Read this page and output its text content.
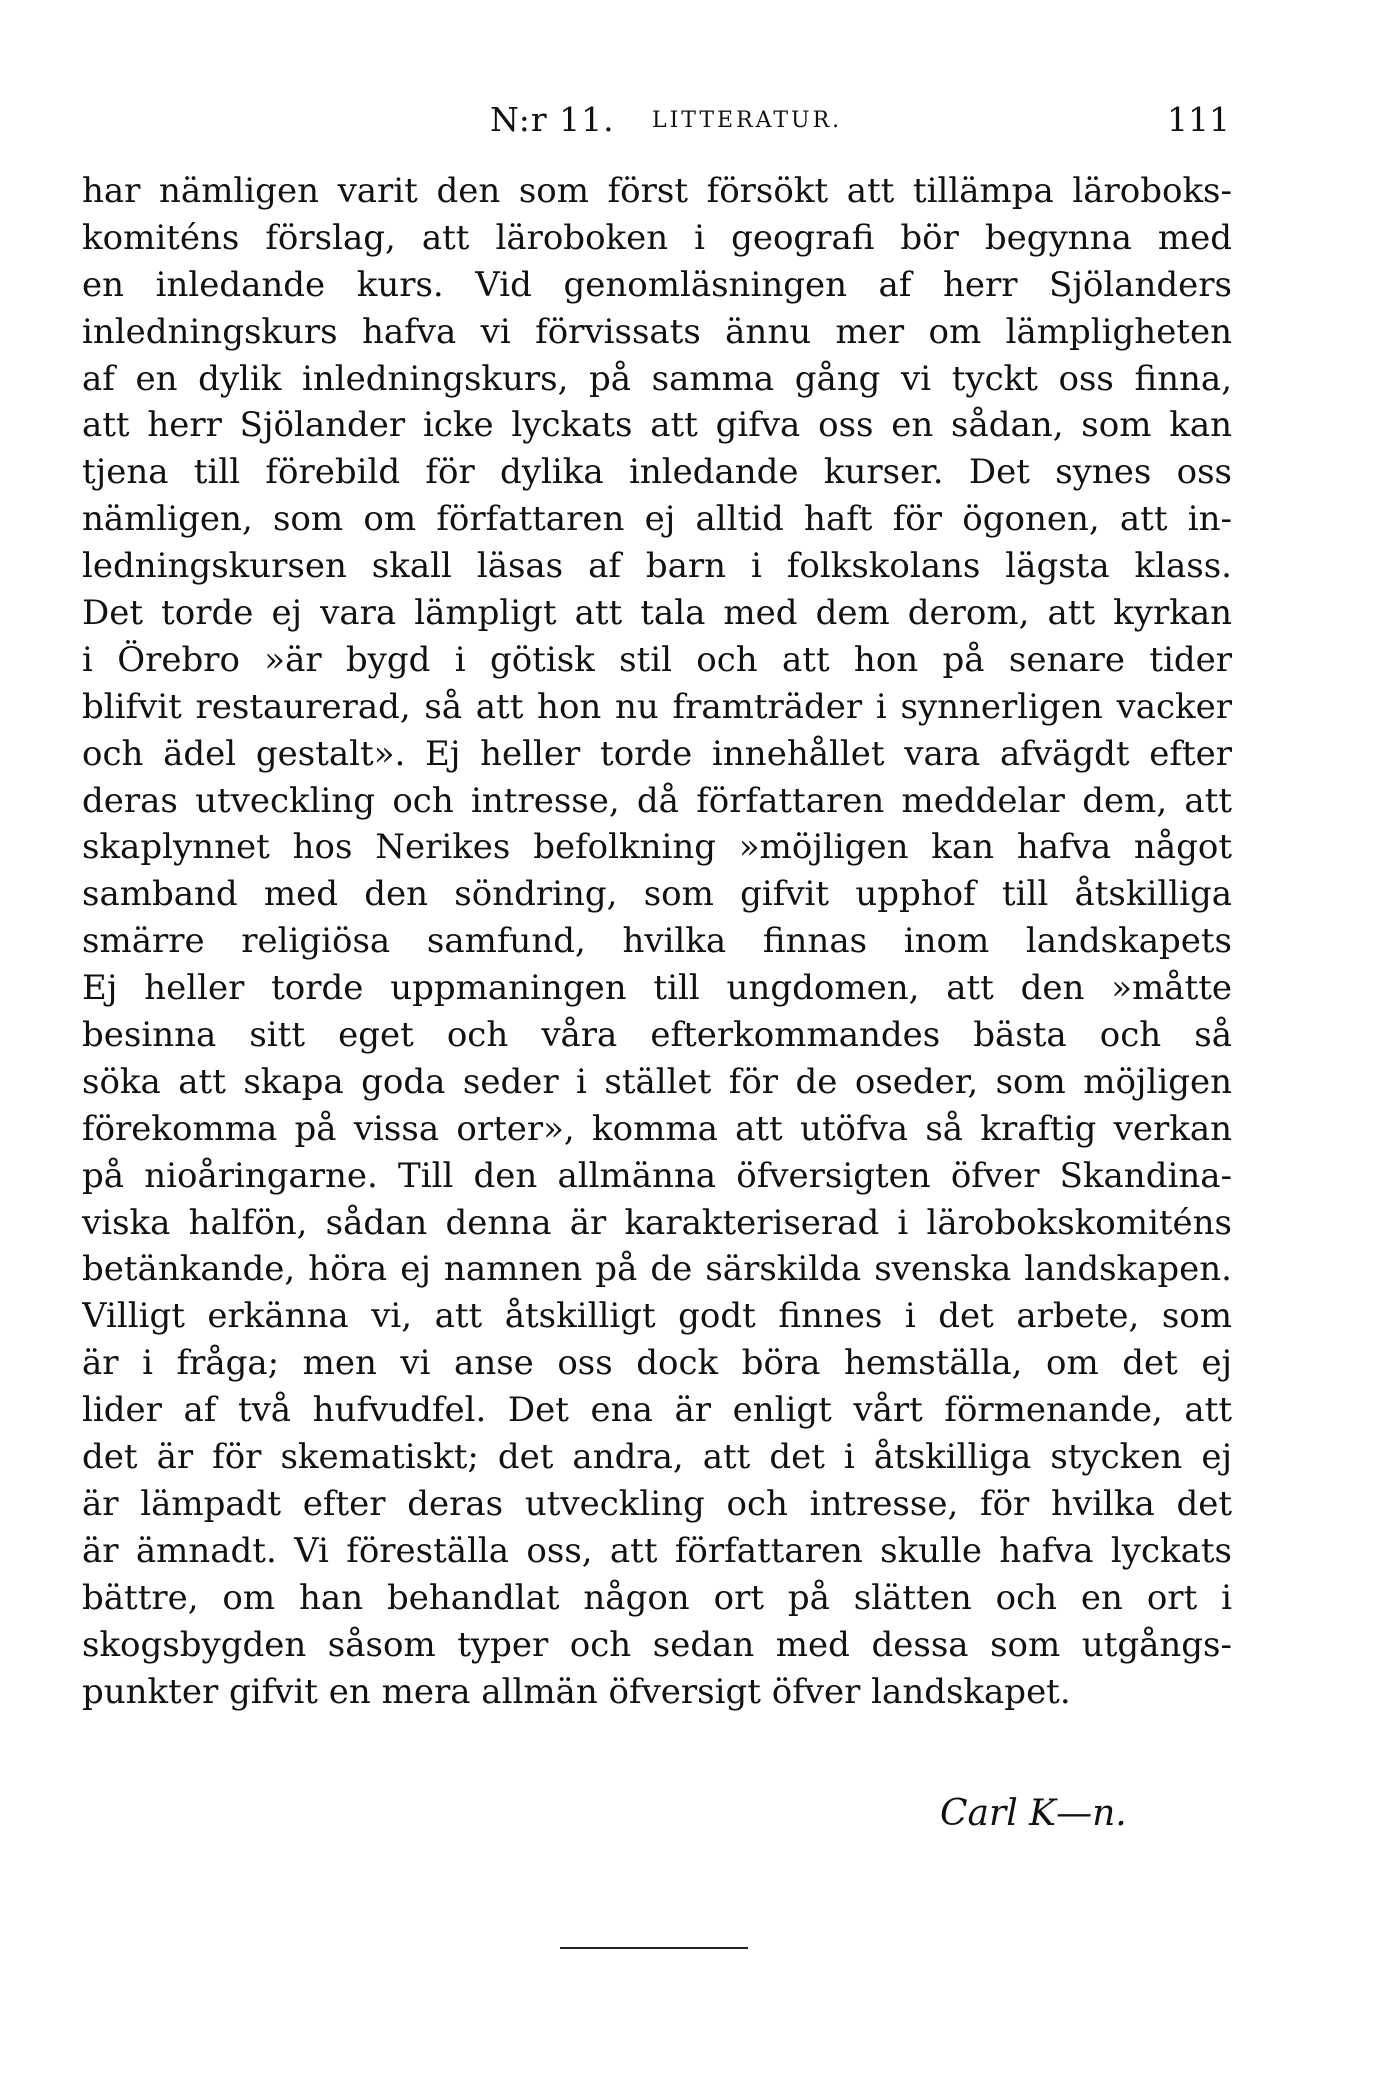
N:r 11. LITTERATUR.	111
har nämligen varit den som först försökt att tillämpa läroboks-
komiténs förslag, att läroboken i geografi bör begynna med
en inledande kurs. Vid genomläsningen af herr Sjölanders
inledningskurs hafva vi förvissats ännu mer om lämpligheten
af en dylik inledningskurs, på samma gång vi tyckt oss finna,
att herr Sjölander icke lyckats att gifva oss en sådan, som kan
tjena till förebild för dylika inledande kurser. Det synes oss
nämligen, som om författaren ej alltid haft för ögonen, att in-
ledningskursen skall läsas af barn i folkskolans lägsta klass.
Det torde ej vara lämpligt att tala med dem derom, att kyrkan
i Örebro »är bygd i götisk stil och att hon på senare tider
blifvit restaurerad, så att hon nu framträder i synnerligen vacker
och ädel gestalt». Ej heller torde innehållet vara afvägdt efter
deras utveckling och intresse, då författaren meddelar dem, att
skaplynnet hos Nerikes befolkning »möjligen kan hafva något
samband med den söndring, som gifvit upphof till åtskilliga
smärre religiösa samfund, hvilka finnas inom landskapets
Ej heller torde uppmaningen till ungdomen, att den »måtte
besinna sitt eget och våra efterkommandes bästa och så
söka att skapa goda seder i stället för de oseder, som möjligen
förekomma på vissa orter», komma att utöfva så kraftig verkan
på nioåringarne. Till den allmänna öfversigten öfver Skandina-
viska halfön, sådan denna är karakteriserad i lärobokskomiténs
betänkande, höra ej namnen på de särskilda svenska landskapen.
Villigt erkänna vi, att åtskilligt godt finnes i det arbete, som
är i fråga; men vi anse oss dock böra hemställa, om det ej
lider af två hufvudfel. Det ena är enligt vårt förmenande, att
det är för skematiskt; det andra, att det i åtskilliga stycken ej
är lämpadt efter deras utveckling och intresse, för hvilka det
är ämnadt. Vi föreställa oss, att författaren skulle hafva lyckats
bättre, om han behandlat någon ort på slätten och en ort i
skogsbygden såsom typer och sedan med dessa som utgångs-
punkter gifvit en mera allmän öfversigt öfver landskapet.
Carl K—n.
